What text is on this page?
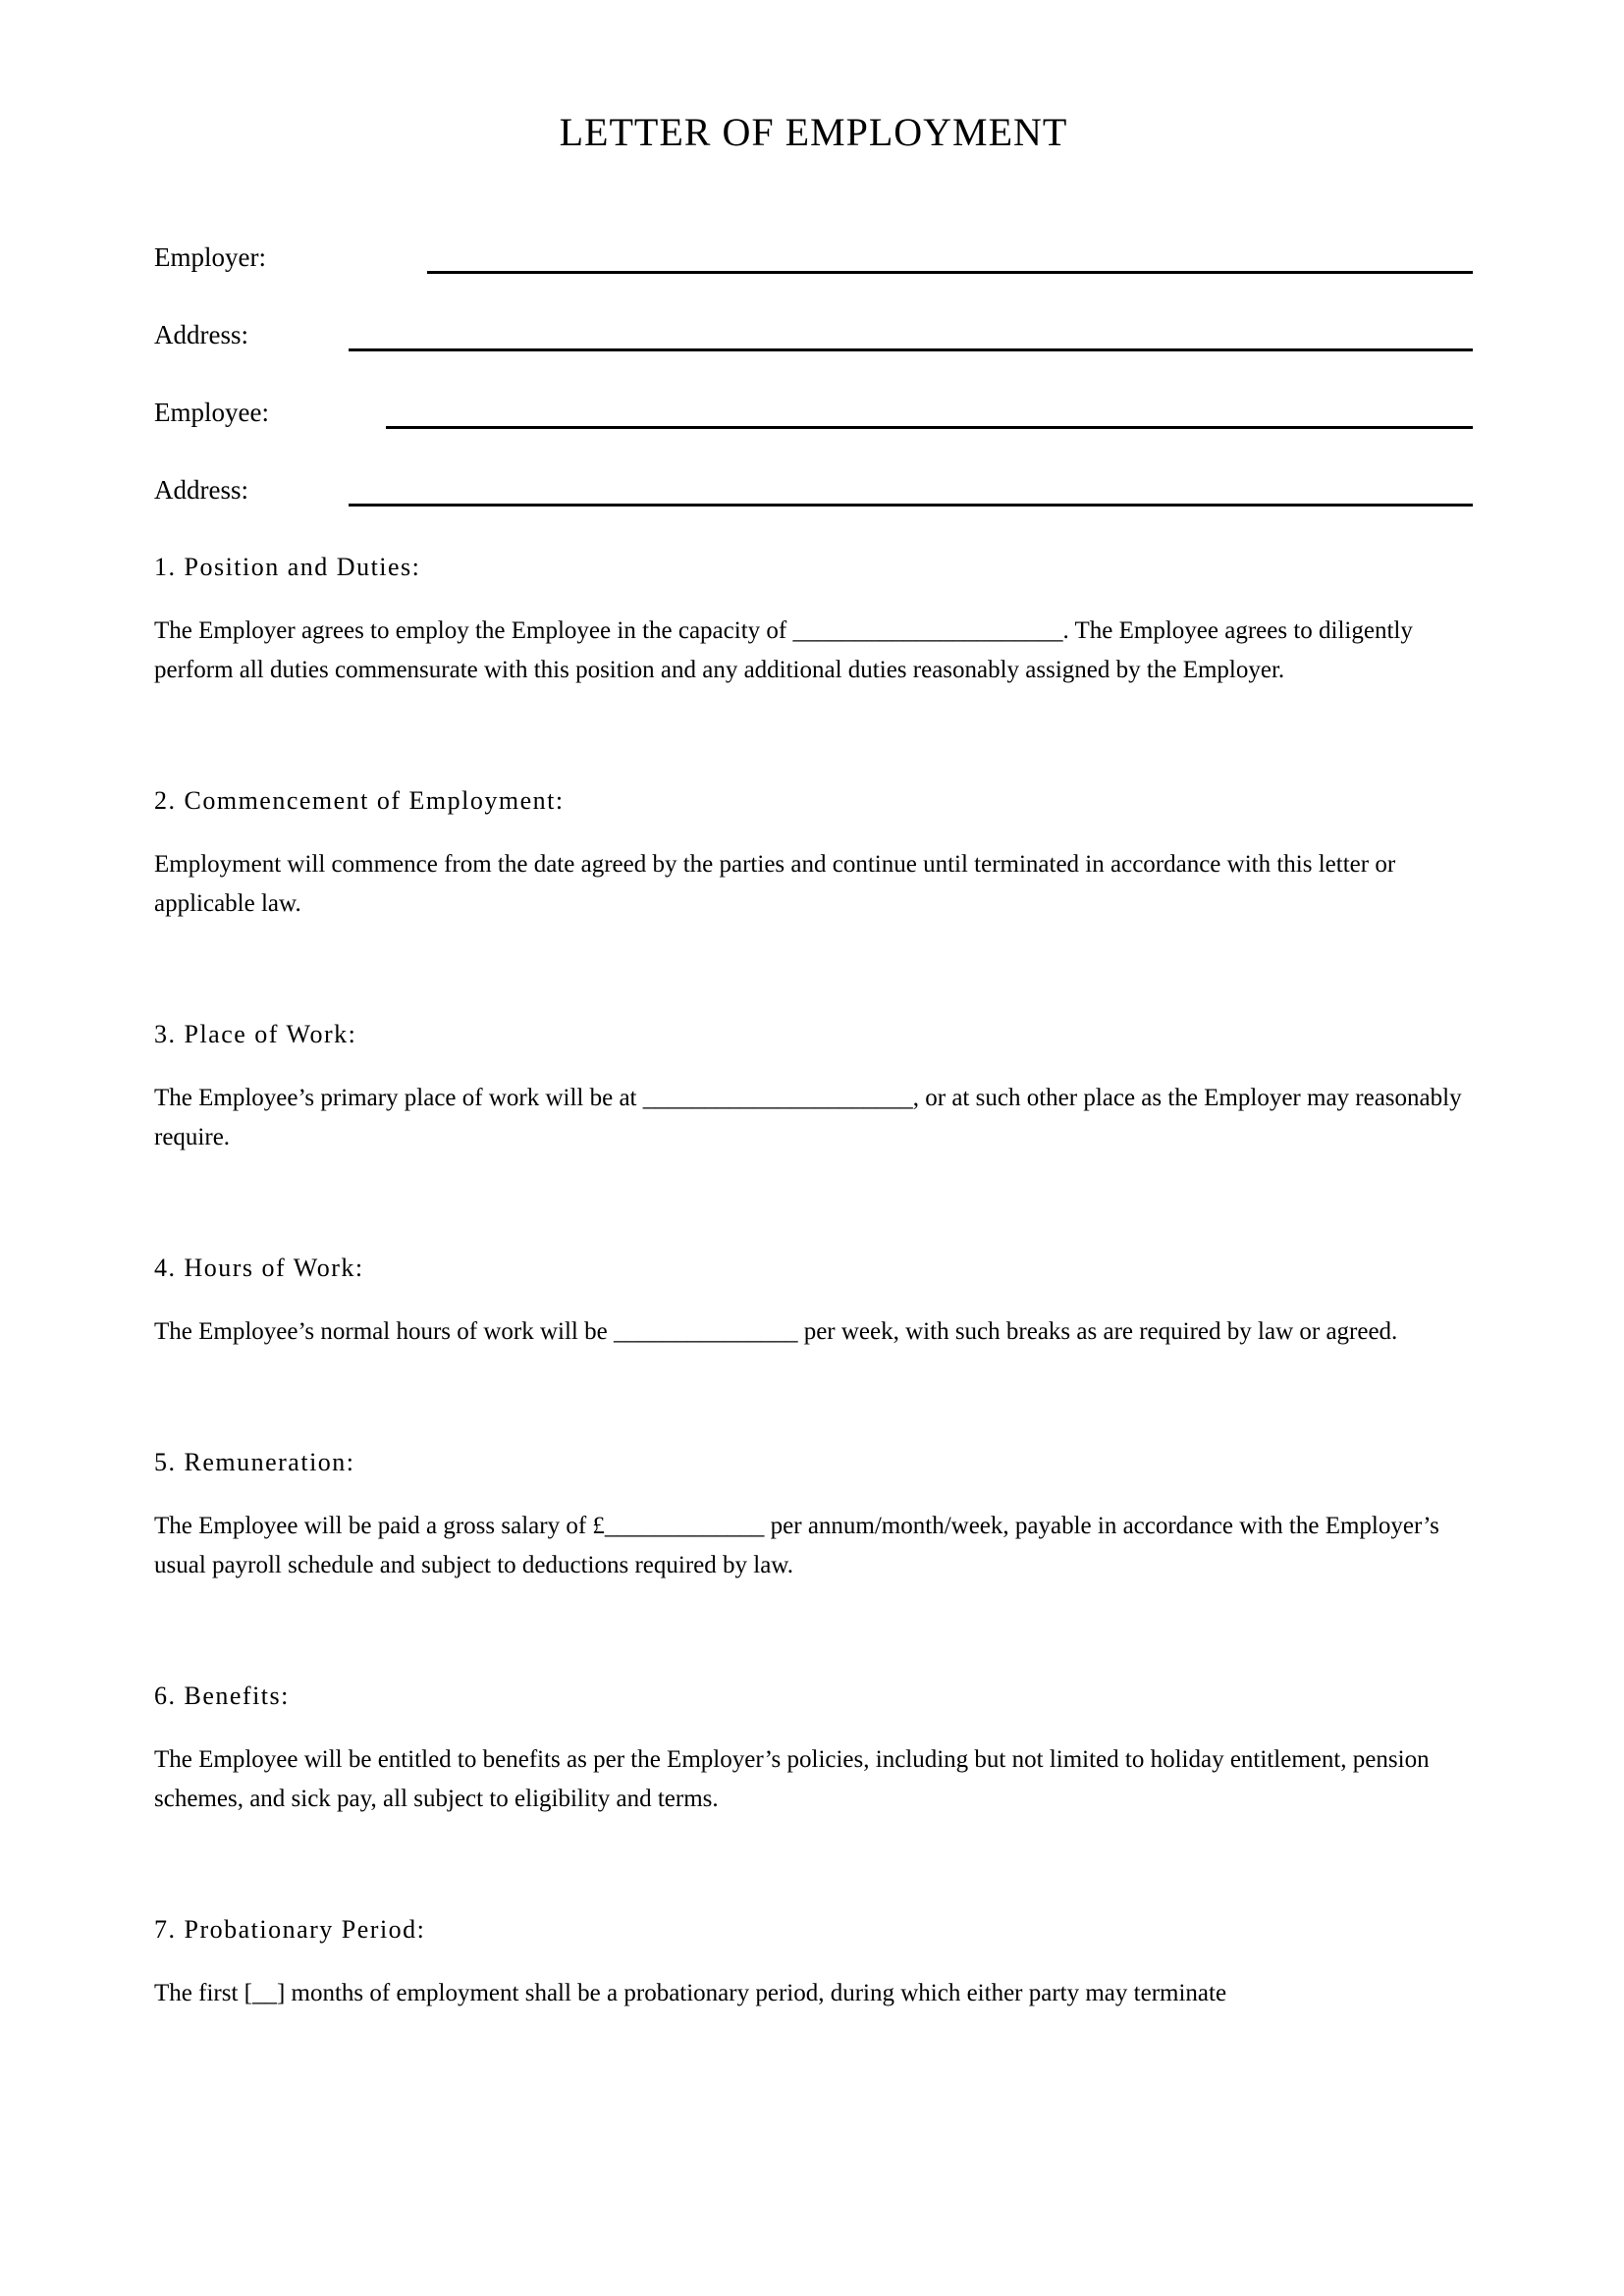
LETTER OF EMPLOYMENT
Employer:
Address:
Employee:
Address:
1. Position and Duties:

The Employer agrees to employ the Employee in the capacity of ______________________. The Employee agrees to diligently perform all duties commensurate with this position and any additional duties reasonably assigned by the Employer.

2. Commencement of Employment:

Employment will commence from the date agreed by the parties and continue until terminated in accordance with this letter or applicable law.

3. Place of Work:

The Employee’s primary place of work will be at ______________________, or at such other place as the Employer may reasonably require.

4. Hours of Work:

The Employee’s normal hours of work will be _______________ per week, with such breaks as are required by law or agreed.

5. Remuneration:

The Employee will be paid a gross salary of £_____________ per annum/month/week, payable in accordance with the Employer’s usual payroll schedule and subject to deductions required by law.

6. Benefits:

The Employee will be entitled to benefits as per the Employer’s policies, including but not limited to holiday entitlement, pension schemes, and sick pay, all subject to eligibility and terms.

7. Probationary Period:

The first [__] months of employment shall be a probationary period, during which either party may terminate
